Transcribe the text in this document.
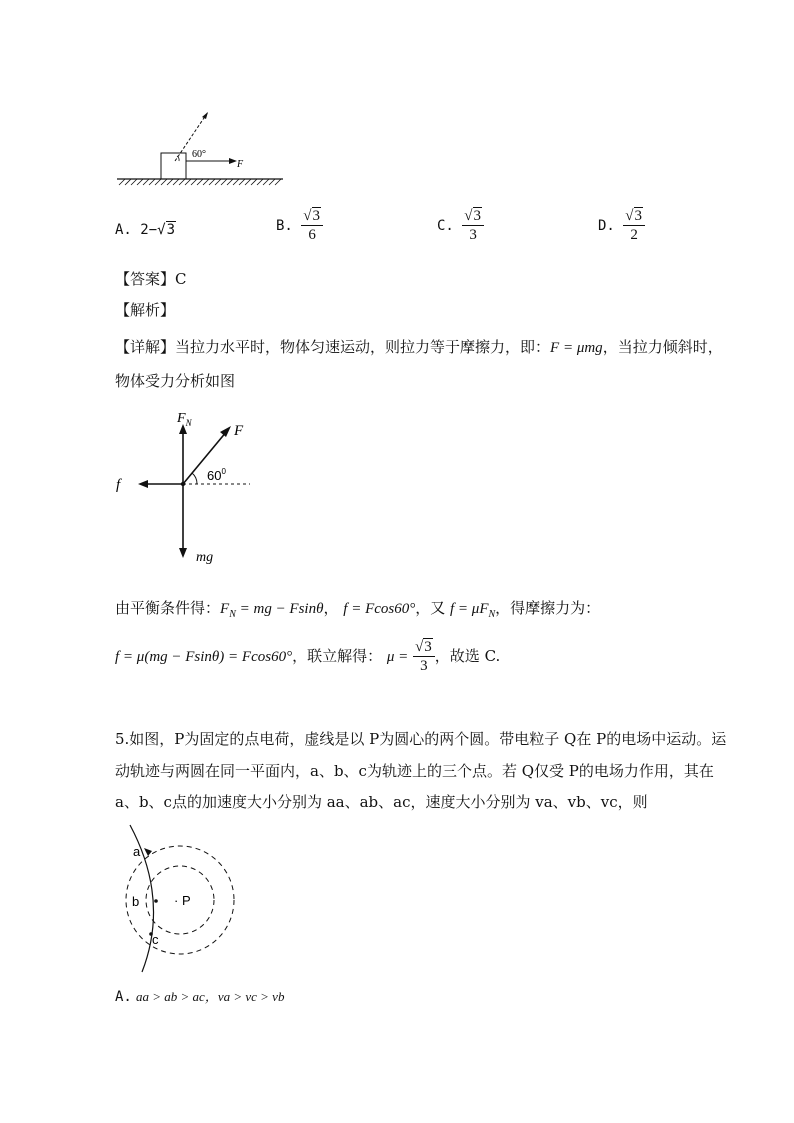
60°
F
A. 2− √ 3	B. √ $\frac{3}{6}$	C. √ $\frac{3}{3}$	D. √ $\frac{3}{2}$
【答案】C
【解析】
【详解】当拉力水平时，物体匀速运动，则拉力等于摩擦力，即：F = μmg，当拉力倾斜时，
物体受力分析如图
$F_N$	F
$60^0$
f
mg
由平衡条件得：$F_N$ = mg − Fsinθ， f = Fcos60°，又 $f = \mu F_N$，得摩擦力为：
f = μ(mg − Fsinθ) = Fcos60°，联立解得： μ = √ $\frac{3}{3}$ ，故选 C.
5.如图，P为固定的点电荷，虚线是以 P为圆心的两个圆。带电粒子 Q在 P的电场中运动。运
动轨迹与两圆在同一平面内，a、b、c为轨迹上的三个点。若 Q仅受 P的电场力作用，其在
a、b、c点的加速度大小分别为 aa、ab、ac，速度大小分别为 va、vb、vc，则
a
b
c
· P
A. aa > ab > ac，va > vc > vb
